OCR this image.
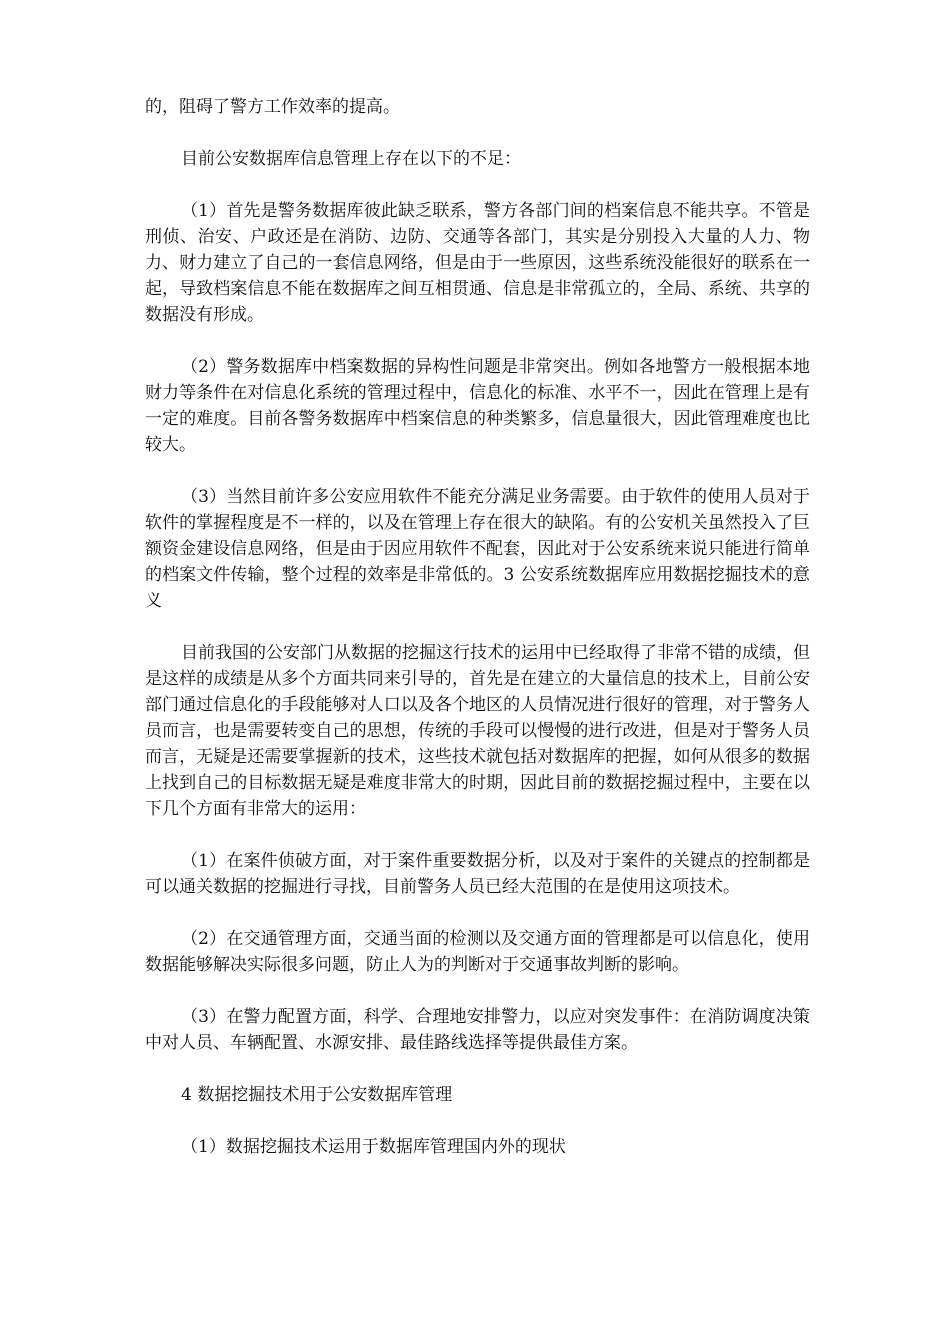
的，阻碍了警方工作效率的提高。

目前公安数据库信息管理上存在以下的不足：

（1）首先是警务数据库彼此缺乏联系，警方各部门间的档案信息不能共享。不管是刑侦、治安、户政还是在消防、边防、交通等各部门，其实是分别投入大量的人力、物力、财力建立了自己的一套信息网络，但是由于一些原因，这些系统没能很好的联系在一起，导致档案信息不能在数据库之间互相贯通、信息是非常孤立的，全局、系统、共享的数据没有形成。

（2）警务数据库中档案数据的异构性问题是非常突出。例如各地警方一般根据本地财力等条件在对信息化系统的管理过程中，信息化的标准、水平不一，因此在管理上是有一定的难度。目前各警务数据库中档案信息的种类繁多，信息量很大，因此管理难度也比较大。

（3）当然目前许多公安应用软件不能充分满足业务需要。由于软件的使用人员对于软件的掌握程度是不一样的，以及在管理上存在很大的缺陷。有的公安机关虽然投入了巨额资金建设信息网络，但是由于因应用软件不配套，因此对于公安系统来说只能进行简单的档案文件传输，整个过程的效率是非常低的。3 公安系统数据库应用数据挖掘技术的意义

目前我国的公安部门从数据的挖掘这行技术的运用中已经取得了非常不错的成绩，但是这样的成绩是从多个方面共同来引导的，首先是在建立的大量信息的技术上，目前公安部门通过信息化的手段能够对人口以及各个地区的人员情况进行很好的管理，对于警务人员而言，也是需要转变自己的思想，传统的手段可以慢慢的进行改进，但是对于警务人员而言，无疑是还需要掌握新的技术，这些技术就包括对数据库的把握，如何从很多的数据上找到自己的目标数据无疑是难度非常大的时期，因此目前的数据挖掘过程中，主要在以下几个方面有非常大的运用：

（1）在案件侦破方面，对于案件重要数据分析，以及对于案件的关键点的控制都是可以通关数据的挖掘进行寻找，目前警务人员已经大范围的在是使用这项技术。

（2）在交通管理方面，交通当面的检测以及交通方面的管理都是可以信息化，使用数据能够解决实际很多问题，防止人为的判断对于交通事故判断的影响。

（3）在警力配置方面，科学、合理地安排警力，以应对突发事件：在消防调度决策中对人员、车辆配置、水源安排、最佳路线选择等提供最佳方案。

4 数据挖掘技术用于公安数据库管理

（1）数据挖掘技术运用于数据库管理国内外的现状
